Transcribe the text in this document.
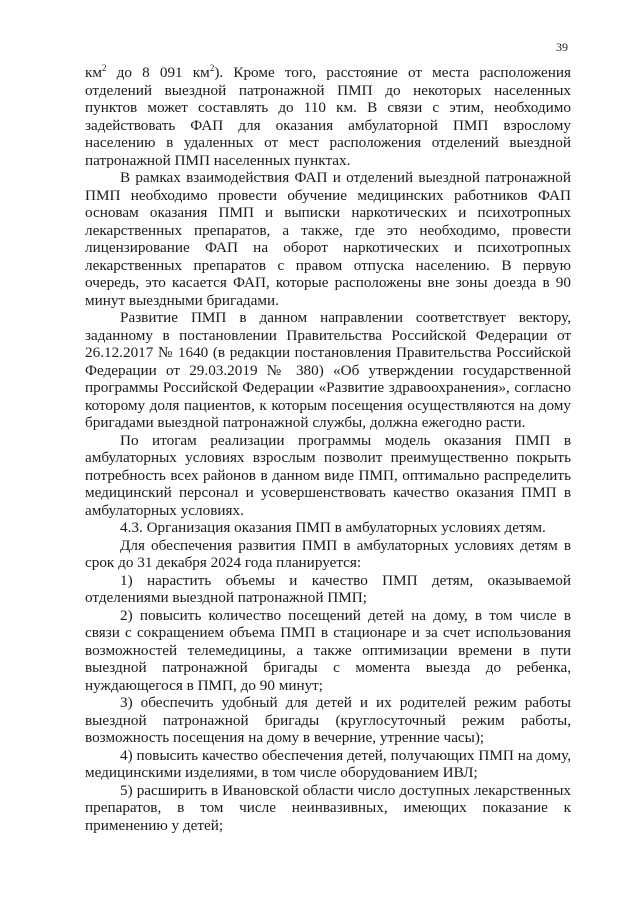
39

$км^2$ до 8 091 $км^2$). Кроме того, расстояние от места расположения отделений выездной патронажной ПМП до некоторых населенных пунктов может составлять до 110 км. В связи с этим, необходимо задействовать ФАП для оказания амбулаторной ПМП взрослому населению в удаленных от мест расположения отделений выездной патронажной ПМП населенных пунктах.

В рамках взаимодействия ФАП и отделений выездной патронажной ПМП необходимо провести обучение медицинских работников ФАП основам оказания ПМП и выписки наркотических и психотропных лекарственных препаратов, а также, где это необходимо, провести лицензирование ФАП на оборот наркотических и психотропных лекарственных препаратов с правом отпуска населению. В первую очередь, это касается ФАП, которые расположены вне зоны доезда в 90 минут выездными бригадами.

Развитие ПМП в данном направлении соответствует вектору, заданному в постановлении Правительства Российской Федерации от 26.12.2017 № 1640 (в редакции постановления Правительства Российской Федерации от 29.03.2019 № 380) «Об утверждении государственной программы Российской Федерации «Развитие здравоохранения», согласно которому доля пациентов, к которым посещения осуществляются на дому бригадами выездной патронажной службы, должна ежегодно расти.

По итогам реализации программы модель оказания ПМП в амбулаторных условиях взрослым позволит преимущественно покрыть потребность всех районов в данном виде ПМП, оптимально распределить медицинский персонал и усовершенствовать качество оказания ПМП в амбулаторных условиях.

4.3. Организация оказания ПМП в амбулаторных условиях детям.

Для обеспечения развития ПМП в амбулаторных условиях детям в срок до 31 декабря 2024 года планируется:

1) нарастить объемы и качество ПМП детям, оказываемой отделениями выездной патронажной ПМП;

2) повысить количество посещений детей на дому, в том числе в связи с сокращением объема ПМП в стационаре и за счет использования возможностей телемедицины, а также оптимизации времени в пути выездной патронажной бригады с момента выезда до ребенка, нуждающегося в ПМП, до 90 минут;

3) обеспечить удобный для детей и их родителей режим работы выездной патронажной бригады (круглосуточный режим работы, возможность посещения на дому в вечерние, утренние часы);

4) повысить качество обеспечения детей, получающих ПМП на дому, медицинскими изделиями, в том числе оборудованием ИВЛ;

5) расширить в Ивановской области число доступных лекарственных препаратов, в том числе неинвазивных, имеющих показание к применению у детей;
